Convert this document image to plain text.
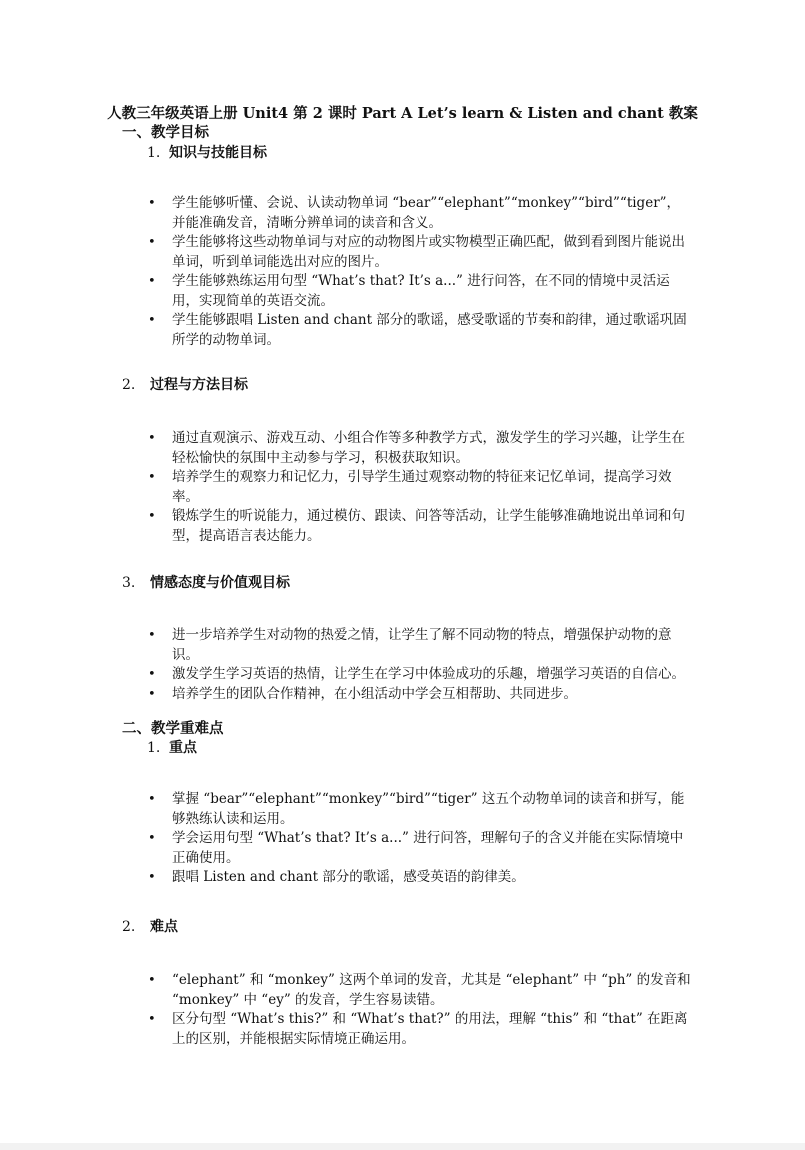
人教三年级英语上册 Unit4 第 2 课时 Part A Let’s learn & Listen and chant 教案
一、教学目标
1. 知识与技能目标
• 学生能够听懂、会说、认读动物单词 “bear”“elephant”“monkey”“bird”“tiger”，并能准确发音，清晰分辨单词的读音和含义。
• 学生能够将这些动物单词与对应的动物图片或实物模型正确匹配，做到看到图片能说出单词，听到单词能选出对应的图片。
• 学生能够熟练运用句型 “What’s that? It’s a...” 进行问答，在不同的情境中灵活运用，实现简单的英语交流。
• 学生能够跟唱 Listen and chant 部分的歌谣，感受歌谣的节奏和韵律，通过歌谣巩固所学的动物单词。
2. 过程与方法目标
• 通过直观演示、游戏互动、小组合作等多种教学方式，激发学生的学习兴趣，让学生在轻松愉快的氛围中主动参与学习，积极获取知识。
• 培养学生的观察力和记忆力，引导学生通过观察动物的特征来记忆单词，提高学习效率。
• 锻炼学生的听说能力，通过模仿、跟读、问答等活动，让学生能够准确地说出单词和句型，提高语言表达能力。
3. 情感态度与价值观目标
• 进一步培养学生对动物的热爱之情，让学生了解不同动物的特点，增强保护动物的意识。
• 激发学生学习英语的热情，让学生在学习中体验成功的乐趣，增强学习英语的自信心。
• 培养学生的团队合作精神，在小组活动中学会互相帮助、共同进步。
二、教学重难点
1. 重点
• 掌握 “bear”“elephant”“monkey”“bird”“tiger” 这五个动物单词的读音和拼写，能够熟练认读和运用。
• 学会运用句型 “What’s that? It’s a...” 进行问答，理解句子的含义并能在实际情境中正确使用。
• 跟唱 Listen and chant 部分的歌谣，感受英语的韵律美。
2. 难点
• “elephant” 和 “monkey” 这两个单词的发音，尤其是 “elephant” 中 “ph” 的发音和 “monkey” 中 “ey” 的发音，学生容易读错。
• 区分句型 “What’s this?” 和 “What’s that?” 的用法，理解 “this” 和 “that” 在距离上的区别，并能根据实际情境正确运用。
